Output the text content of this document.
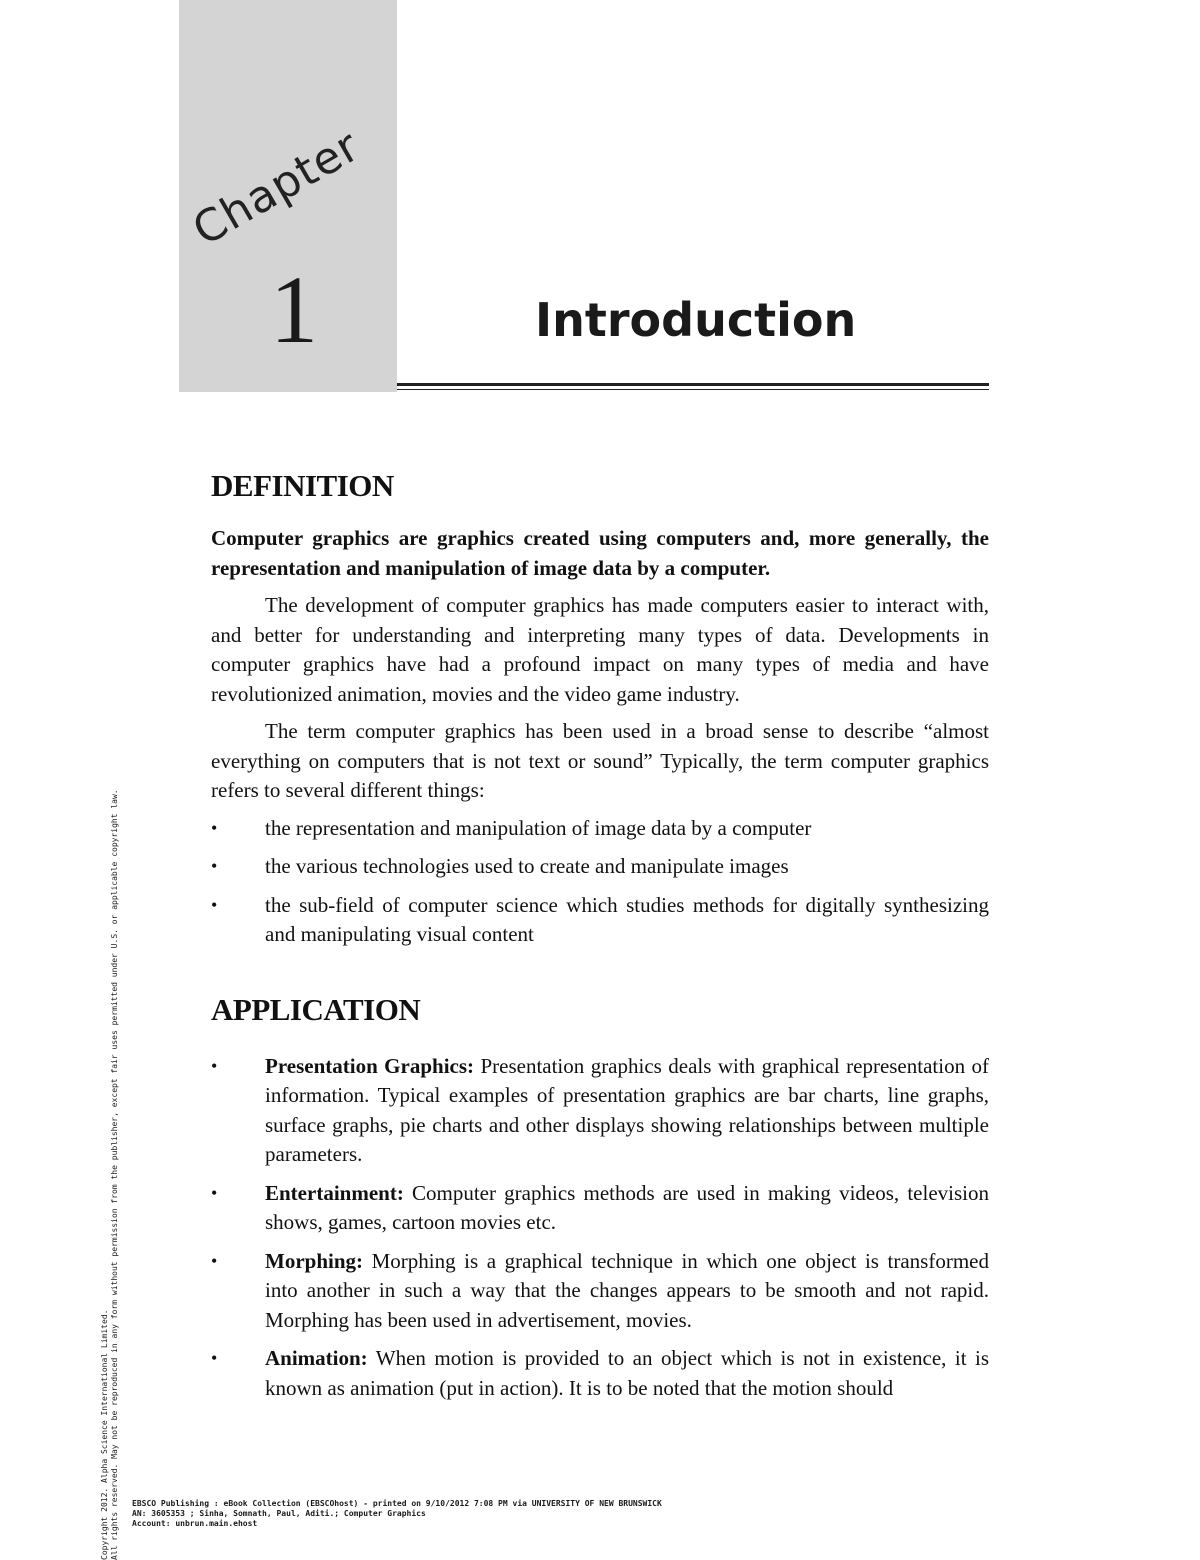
Chapter
1	Introduction
DEFINITION

Computer graphics are graphics created using computers and, more generally, the representation and manipulation of image data by a computer.

The development of computer graphics has made computers easier to interact with, and better for understanding and interpreting many types of data. Developments in computer graphics have had a profound impact on many types of media and have revolutionized animation, movies and the video game industry.

The term computer graphics has been used in a broad sense to describe “almost everything on computers that is not text or sound” Typically, the term computer graphics refers to several different things:

•	the representation and manipulation of image data by a computer
•	the various technologies used to create and manipulate images
•	the sub-field of computer science which studies methods for digitally synthesizing and manipulating visual content
APPLICATION
•	Presentation Graphics: Presentation graphics deals with graphical representation of information. Typical examples of presentation graphics are bar charts, line graphs, surface graphs, pie charts and other displays showing relationships between multiple parameters.
•	Entertainment: Computer graphics methods are used in making videos, television shows, games, cartoon movies etc.
•	Morphing: Morphing is a graphical technique in which one object is transformed into another in such a way that the changes appears to be smooth and not rapid. Morphing has been used in advertisement, movies.
•	Animation: When motion is provided to an object which is not in existence, it is known as animation (put in action). It is to be noted that the motion should
Copyright 2012. Alpha Science International Limited. All rights reserved. May not be reproduced in any form without permission from the publisher, except fair uses permitted under U.S. or applicable copyright law. EBSCO Publishing : eBook Collection (EBSCOhost) - printed on 9/10/2012 7:08 PM via UNIVERSITY OF NEW BRUNSWICK
AN: 3605353 ; Sinha, Somnath, Paul, Aditi.; Computer Graphics
Account: unbrun.main.ehost
